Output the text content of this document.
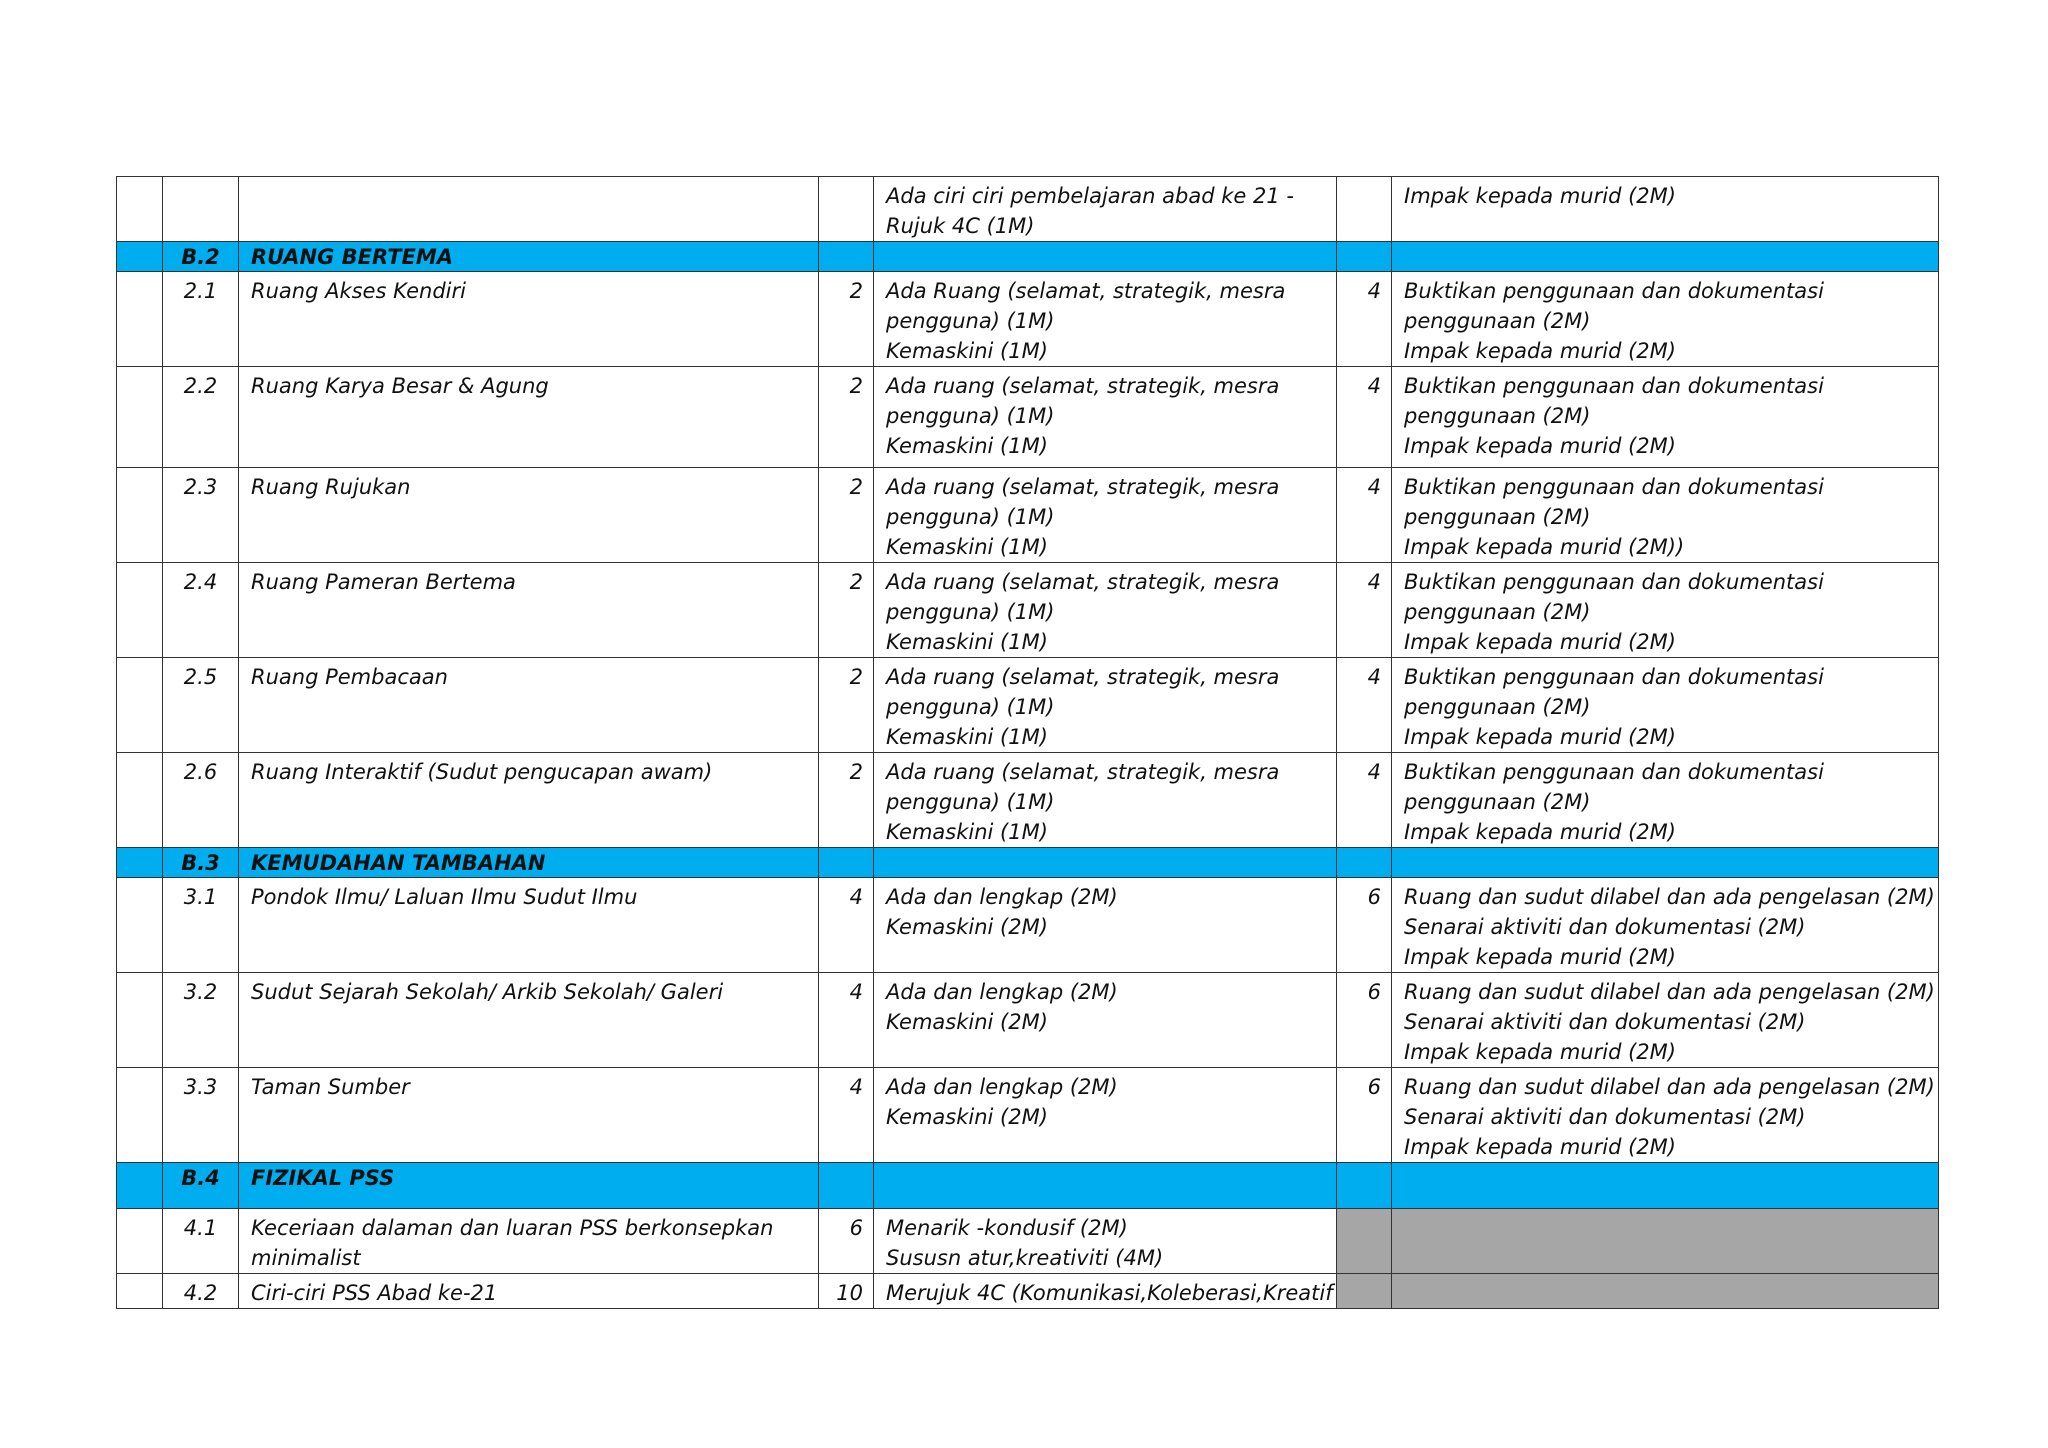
				Ada ciri ciri pembelajaran abad ke 21 -
Rujuk 4C (1M)		Impak kepada murid (2M)

	B.2	RUANG BERTEMA				
	2.1	Ruang Akses Kendiri	2	Ada Ruang (selamat, strategik, mesra
pengguna) (1M)
Kemaskini (1M)	4	Buktikan penggunaan dan dokumentasi
penggunaan (2M)
Impak kepada murid (2M)

	2.2	Ruang Karya Besar & Agung	2	Ada ruang (selamat, strategik, mesra
pengguna) (1M)
Kemaskini (1M)	4	Buktikan penggunaan dan dokumentasi
penggunaan (2M)
Impak kepada murid (2M)

	2.3	Ruang Rujukan	2	Ada ruang (selamat, strategik, mesra
pengguna) (1M)
Kemaskini (1M)	4	Buktikan penggunaan dan dokumentasi
penggunaan (2M)
Impak kepada murid (2M))

	2.4	Ruang Pameran Bertema	2	Ada ruang (selamat, strategik, mesra
pengguna) (1M)
Kemaskini (1M)	4	Buktikan penggunaan dan dokumentasi
penggunaan (2M)
Impak kepada murid (2M)

	2.5	Ruang Pembacaan	2	Ada ruang (selamat, strategik, mesra
pengguna) (1M)
Kemaskini (1M)	4	Buktikan penggunaan dan dokumentasi
penggunaan (2M)
Impak kepada murid (2M)

	2.6	Ruang Interaktif (Sudut pengucapan awam)	2	Ada ruang (selamat, strategik, mesra
pengguna) (1M)
Kemaskini (1M)	4	Buktikan penggunaan dan dokumentasi
penggunaan (2M)
Impak kepada murid (2M)

	B.3	KEMUDAHAN TAMBAHAN				
	3.1	Pondok Ilmu/ Laluan Ilmu Sudut Ilmu	4	Ada dan lengkap (2M)
Kemaskini (2M)	6	Ruang dan sudut dilabel dan ada pengelasan (2M)
Senarai aktiviti dan dokumentasi (2M)
Impak kepada murid (2M)

	3.2	Sudut Sejarah Sekolah/ Arkib Sekolah/ Galeri	4	Ada dan lengkap (2M)
Kemaskini (2M)	6	Ruang dan sudut dilabel dan ada pengelasan (2M)
Senarai aktiviti dan dokumentasi (2M)
Impak kepada murid (2M)

	3.3	Taman Sumber	4	Ada dan lengkap (2M)
Kemaskini (2M)	6	Ruang dan sudut dilabel dan ada pengelasan (2M)
Senarai aktiviti dan dokumentasi (2M)
Impak kepada murid (2M)

	B.4	FIZIKAL PSS				
	4.1	Keceriaan dalaman dan luaran PSS berkonsepkan
minimalist	6	Menarik -kondusif (2M)
Sususn atur,kreativiti (4M)		

	4.2	Ciri-ciri PSS Abad ke-21	10	Merujuk 4C (Komunikasi,Koleberasi,Kreatif		
